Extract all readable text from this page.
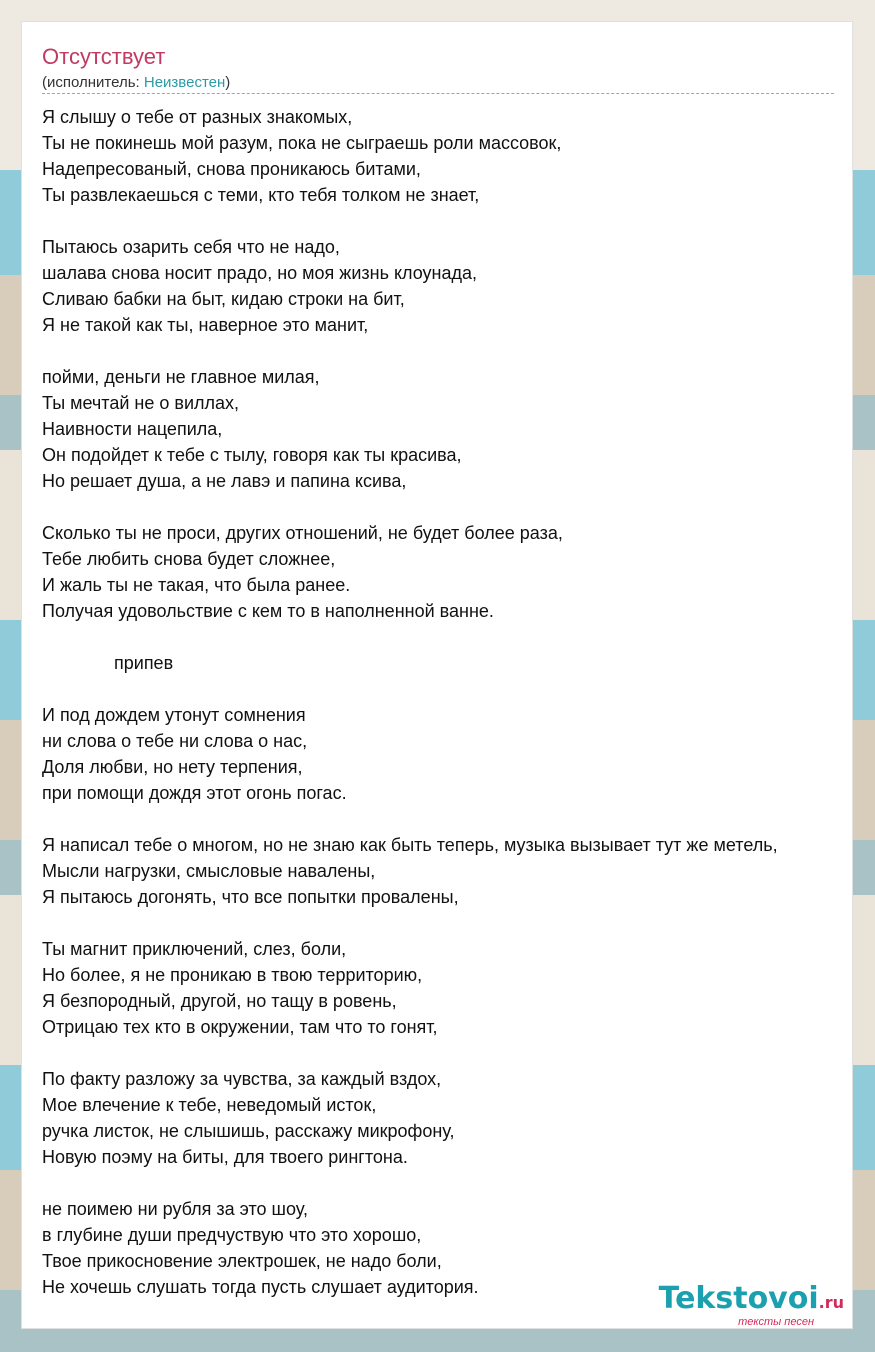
Отсутствует
(исполнитель: Неизвестен)
Я слышу о тебе от разных знакомых,
Ты не покинешь мой разум, пока не сыграешь роли массовок,
Надепресованый, снова проникаюсь битами,
Ты развлекаешься с теми, кто тебя толком не знает,
Пытаюсь озарить себя что не надо,
шалава снова носит прадо, но моя жизнь клоунада,
Сливаю бабки на быт, кидаю строки на бит,
Я не такой как ты, наверное это манит,
пойми, деньги не главное милая,
Ты мечтай не о виллах,
Наивности нацепила,
Он подойдет к тебе с тылу, говоря как ты красива,
Но решает душа, а не лавэ и папина ксива,
Сколько ты не проси, других отношений, не будет более раза,
Тебе любить снова будет сложнее,
И жаль ты не такая, что была ранее.
Получая удовольствие с кем то в наполненной ванне.
припев
И под дождем утонут сомнения
ни слова о тебе ни слова о нас,
Доля любви, но нету терпения,
при помощи дождя этот огонь погас.
Я написал тебе о многом, но не знаю как быть теперь, музыка вызывает тут же метель,
Мысли нагрузки, смысловые навалены,
Я пытаюсь догонять, что все попытки провалены,
Ты магнит приключений, слез, боли,
Но более, я не проникаю в твою территорию,
Я безпородный, другой, но тащу в ровень,
Отрицаю тех кто в окружении, там что то гонят,
По факту разложу за чувства, за каждый вздох,
Мое влечение к тебе, неведомый исток,
ручка листок, не слышишь, расскажу микрофону,
Новую поэму на биты, для твоего рингтона.
не поимею ни рубля за это шоу,
в глубине души предчуствую что это хорошо,
Твое прикосновение электрошек, не надо боли,
Не хочешь слушать тогда пусть слушает аудитория.	Tekstovoi.ru
тексты песен
